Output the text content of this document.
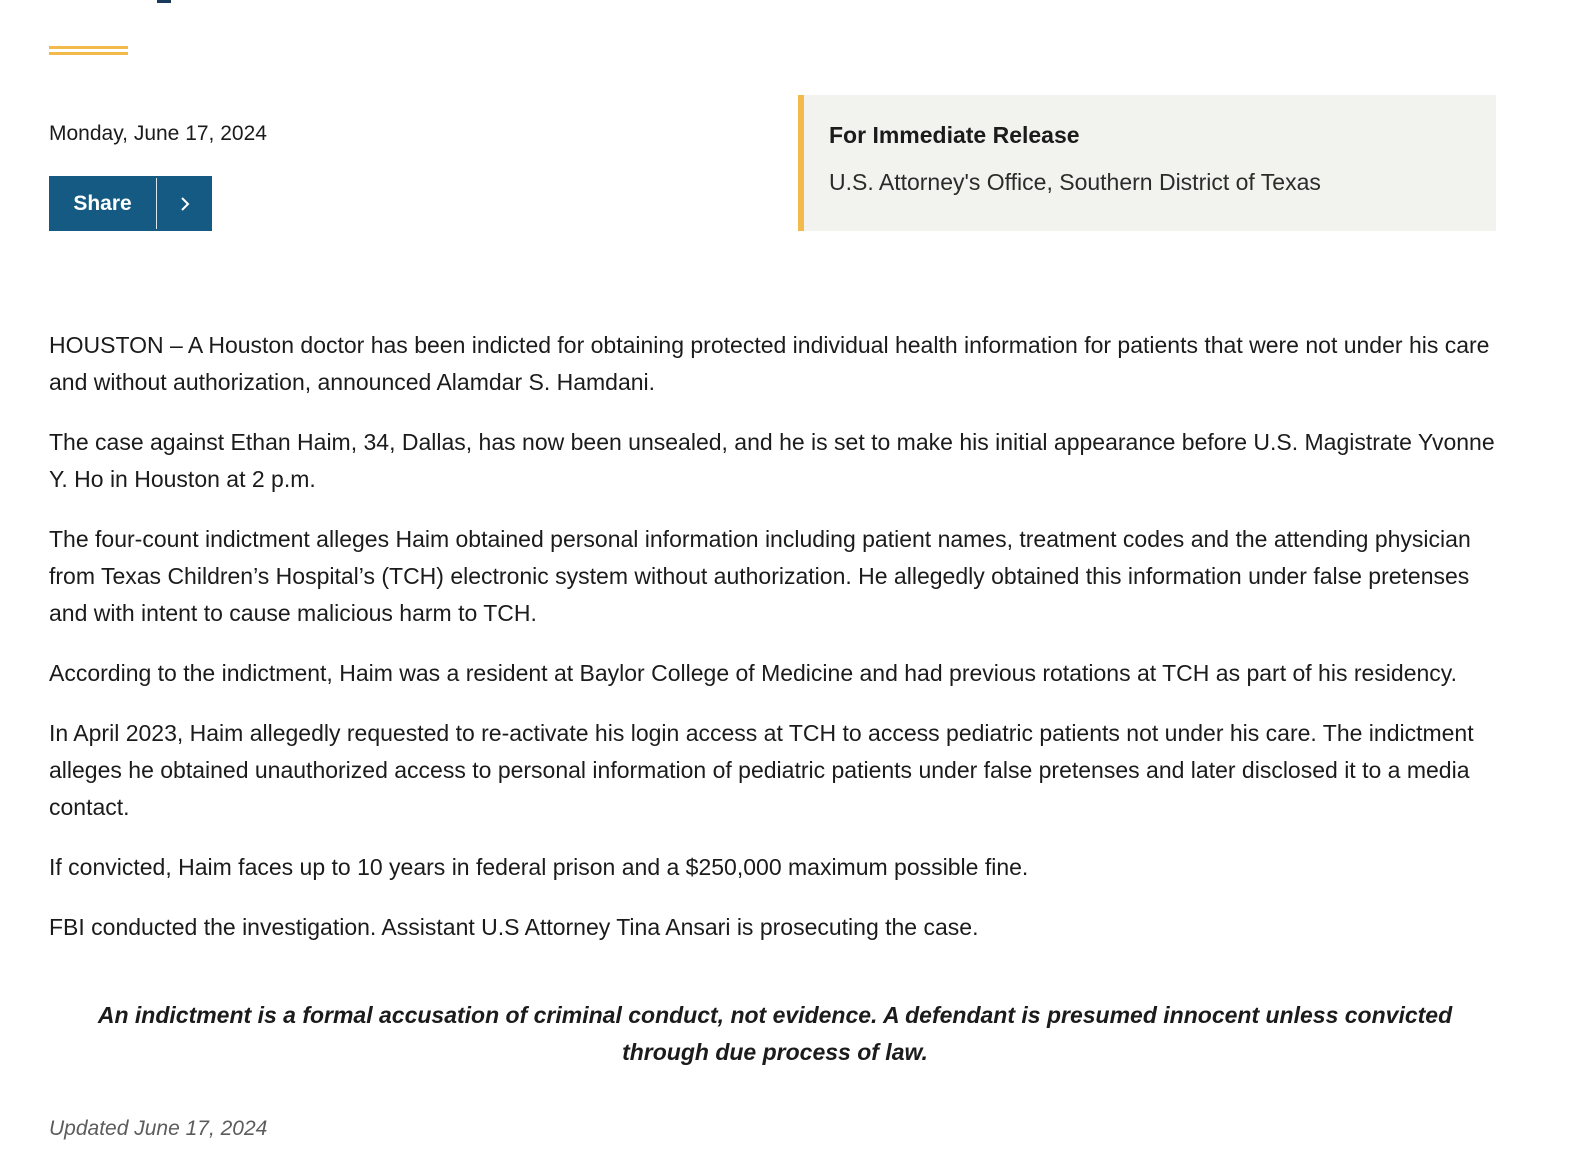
Monday, June 17, 2024
Share

For Immediate Release

U.S. Attorney's Office, Southern District of Texas

HOUSTON – A Houston doctor has been indicted for obtaining protected individual health information for patients that were not under his care and without authorization, announced Alamdar S. Hamdani.

The case against Ethan Haim, 34, Dallas, has now been unsealed, and he is set to make his initial appearance before U.S. Magistrate Yvonne Y. Ho in Houston at 2 p.m.

The four-count indictment alleges Haim obtained personal information including patient names, treatment codes and the attending physician from Texas Children’s Hospital’s (TCH) electronic system without authorization. He allegedly obtained this information under false pretenses and with intent to cause malicious harm to TCH.

According to the indictment, Haim was a resident at Baylor College of Medicine and had previous rotations at TCH as part of his residency.

In April 2023, Haim allegedly requested to re-activate his login access at TCH to access pediatric patients not under his care. The indictment alleges he obtained unauthorized access to personal information of pediatric patients under false pretenses and later disclosed it to a media contact.

If convicted, Haim faces up to 10 years in federal prison and a $250,000 maximum possible fine.

FBI conducted the investigation. Assistant U.S Attorney Tina Ansari is prosecuting the case.

An indictment is a formal accusation of criminal conduct, not evidence. A defendant is presumed innocent unless convicted through due process of law.

Updated June 17, 2024
